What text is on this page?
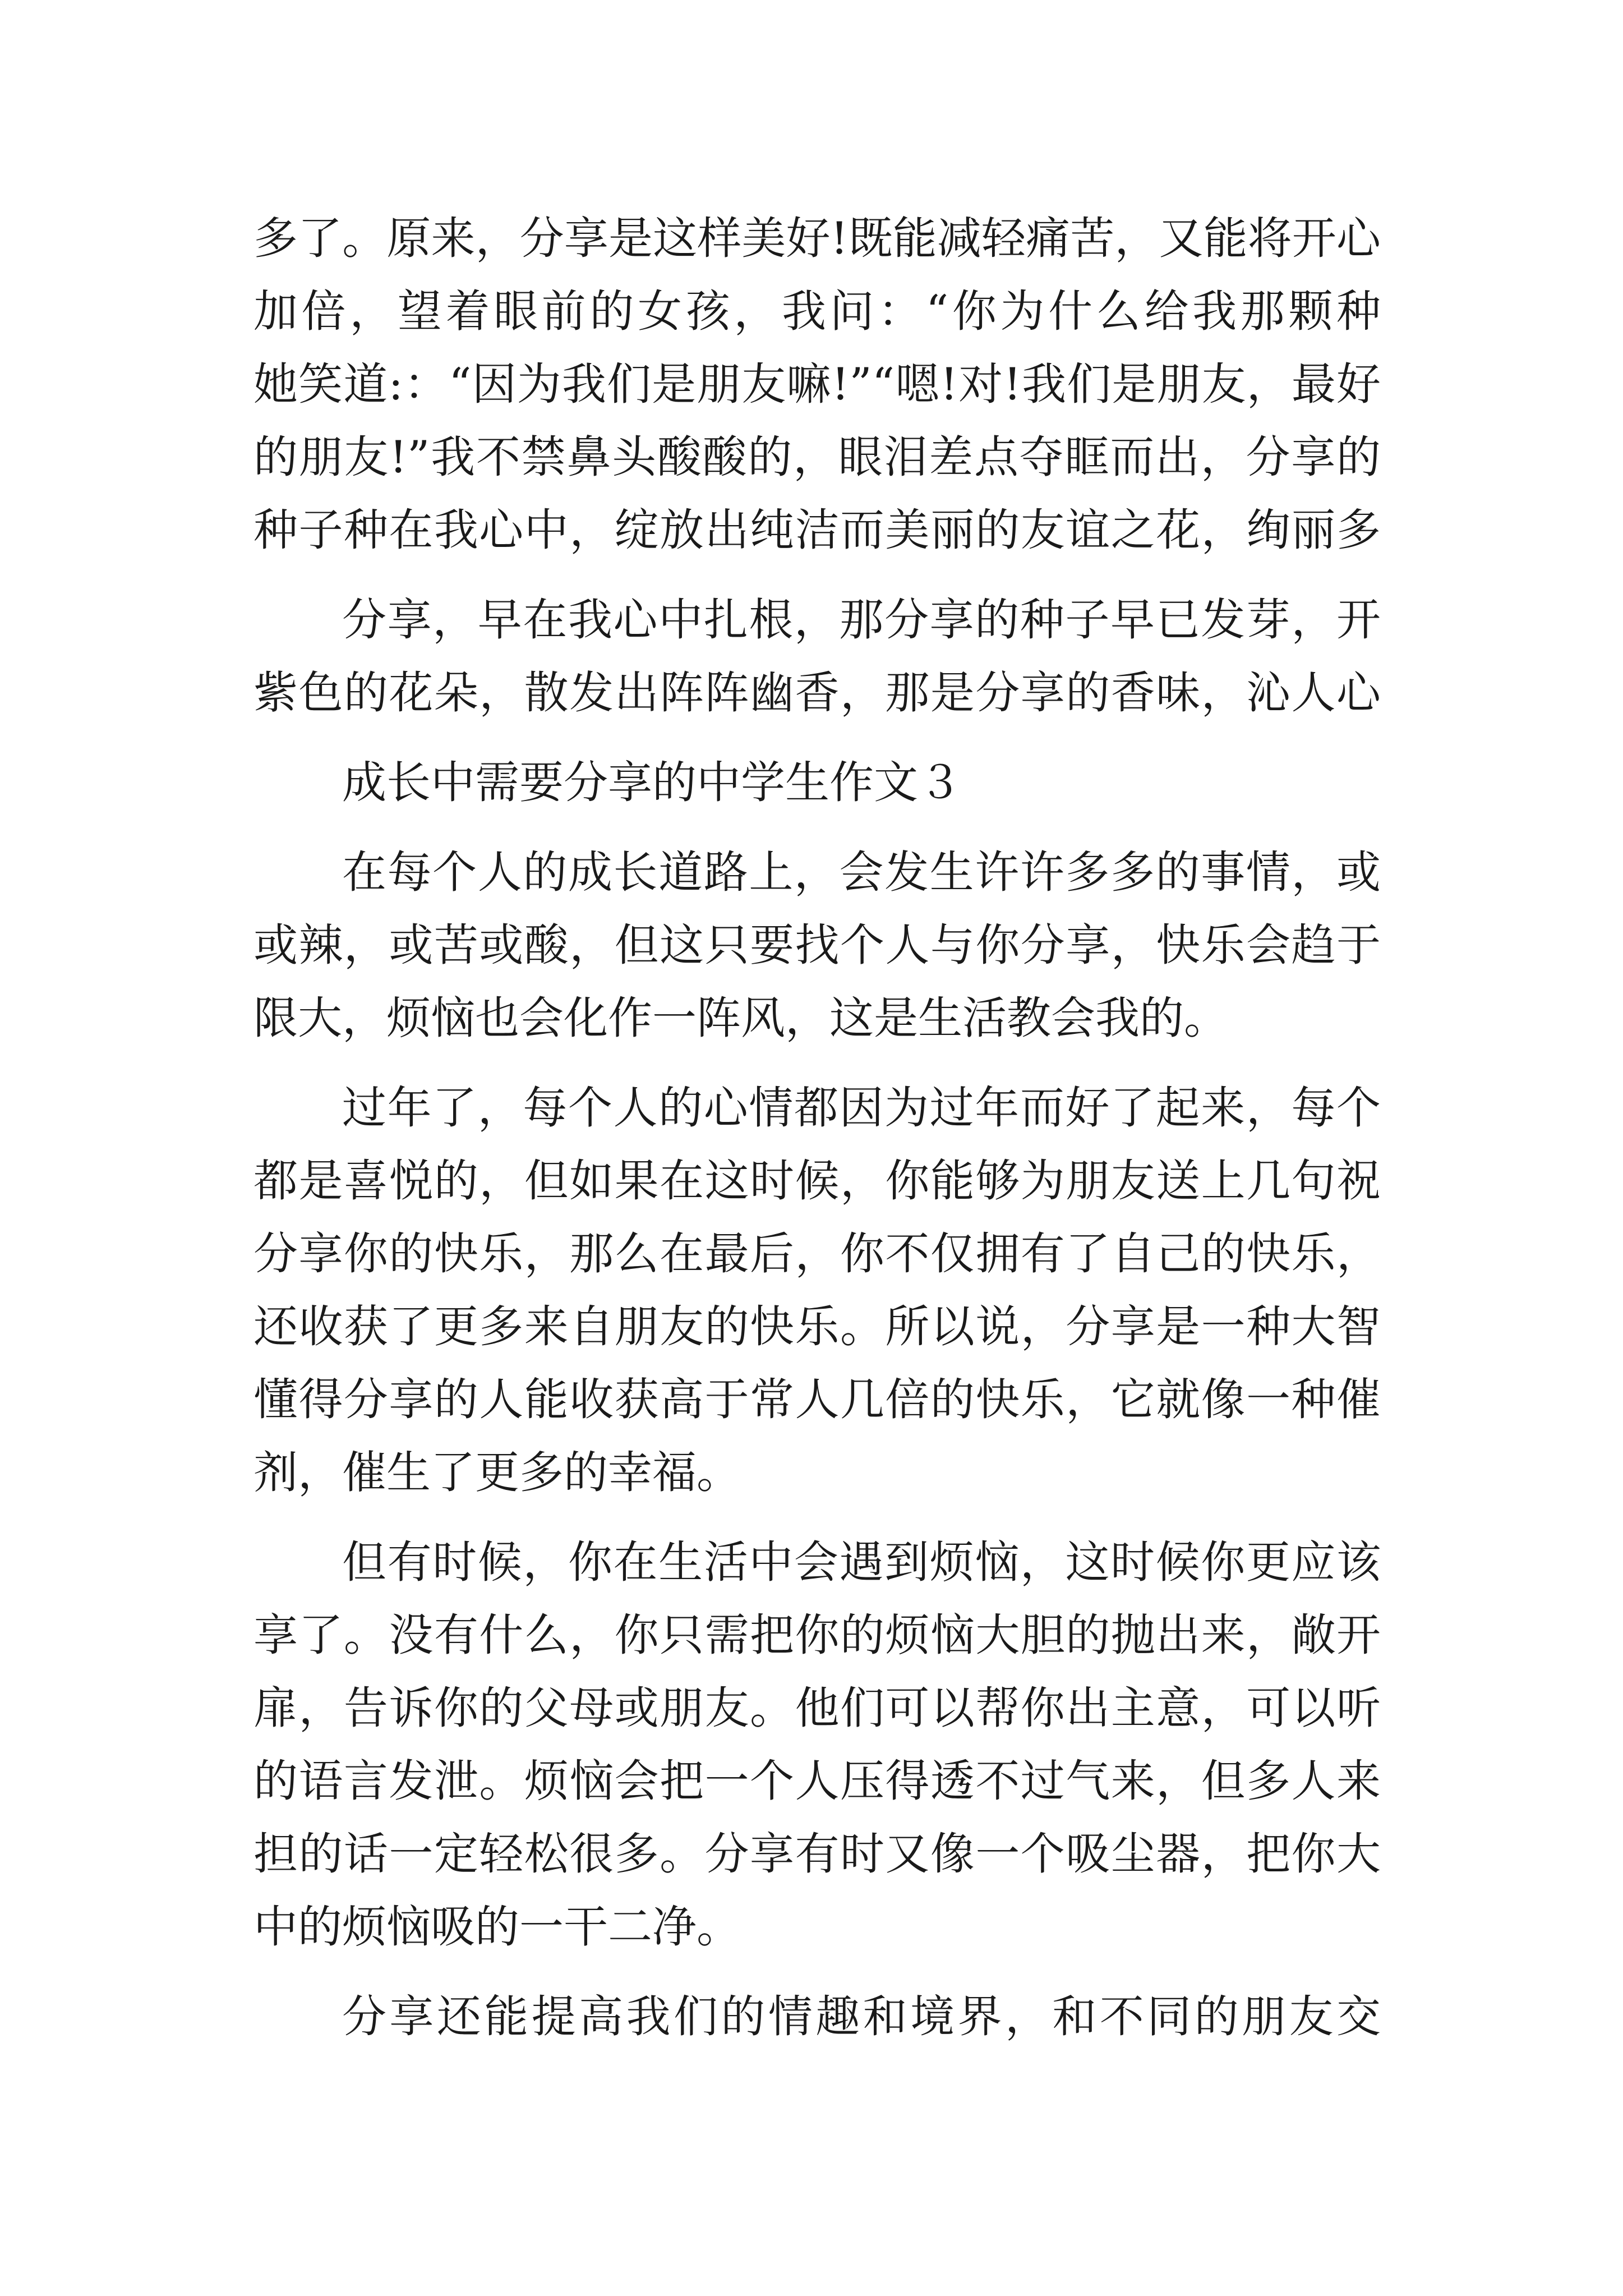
多了。原来，分享是这样美好!既能减轻痛苦，又能将开心
加倍，望着眼前的女孩，我问：“你为什么给我那颗种
她笑道:：“因为我们是朋友嘛!”“嗯!对!我们是朋友，最好
的朋友!”我不禁鼻头酸酸的，眼泪差点夺眶而出，分享的
种子种在我心中，绽放出纯洁而美丽的友谊之花，绚丽多
分享，早在我心中扎根，那分享的种子早已发芽，开
紫色的花朵，散发出阵阵幽香，那是分享的香味，沁人心
成长中需要分享的中学生作文３
在每个人的成长道路上，会发生许许多多的事情，或
或辣，或苦或酸，但这只要找个人与你分享，快乐会趋于
限大，烦恼也会化作一阵风，这是生活教会我的。
过年了，每个人的心情都因为过年而好了起来，每个
都是喜悦的，但如果在这时候，你能够为朋友送上几句祝
分享你的快乐，那么在最后，你不仅拥有了自己的快乐，
还收获了更多来自朋友的快乐。所以说，分享是一种大智
懂得分享的人能收获高于常人几倍的快乐，它就像一种催
剂，催生了更多的幸福。
但有时候，你在生活中会遇到烦恼，这时候你更应该
享了。没有什么，你只需把你的烦恼大胆的抛出来，敞开
扉，告诉你的父母或朋友。他们可以帮你出主意，可以听
的语言发泄。烦恼会把一个人压得透不过气来，但多人来
担的话一定轻松很多。分享有时又像一个吸尘器，把你大
中的烦恼吸的一干二净。
分享还能提高我们的情趣和境界，和不同的朋友交
